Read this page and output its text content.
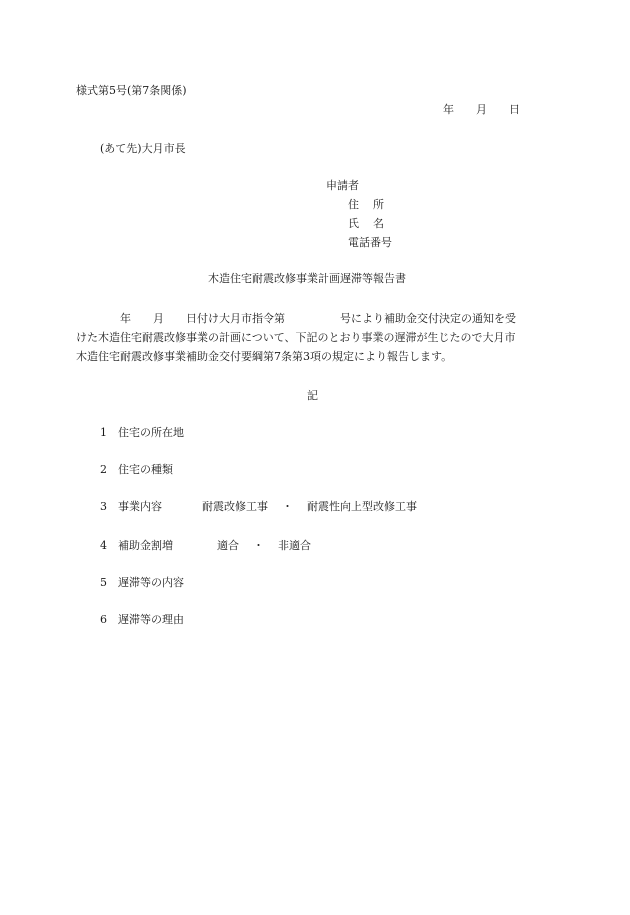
様式第5号(第7条関係)
年 月 日
(あて先)大月市長
申請者
住所
氏名
電話番号
木造住宅耐震改修事業計画遅滞等報告書
　　　　年　　月　　日付け大月市指令第　　　　　号により補助金交付決定の通知を受
けた木造住宅耐震改修事業の計画について、下記のとおり事業の遅滞が生じたので大月市
木造住宅耐震改修事業補助金交付要綱第7条第3項の規定により報告します。
記
1 住宅の所在地
2 住宅の種類
3 事業内容	耐震改修工事 ・ 耐震性向上型改修工事
4 補助金割増	適合 ・ 非適合
5 遅滞等の内容
6 遅滞等の理由
